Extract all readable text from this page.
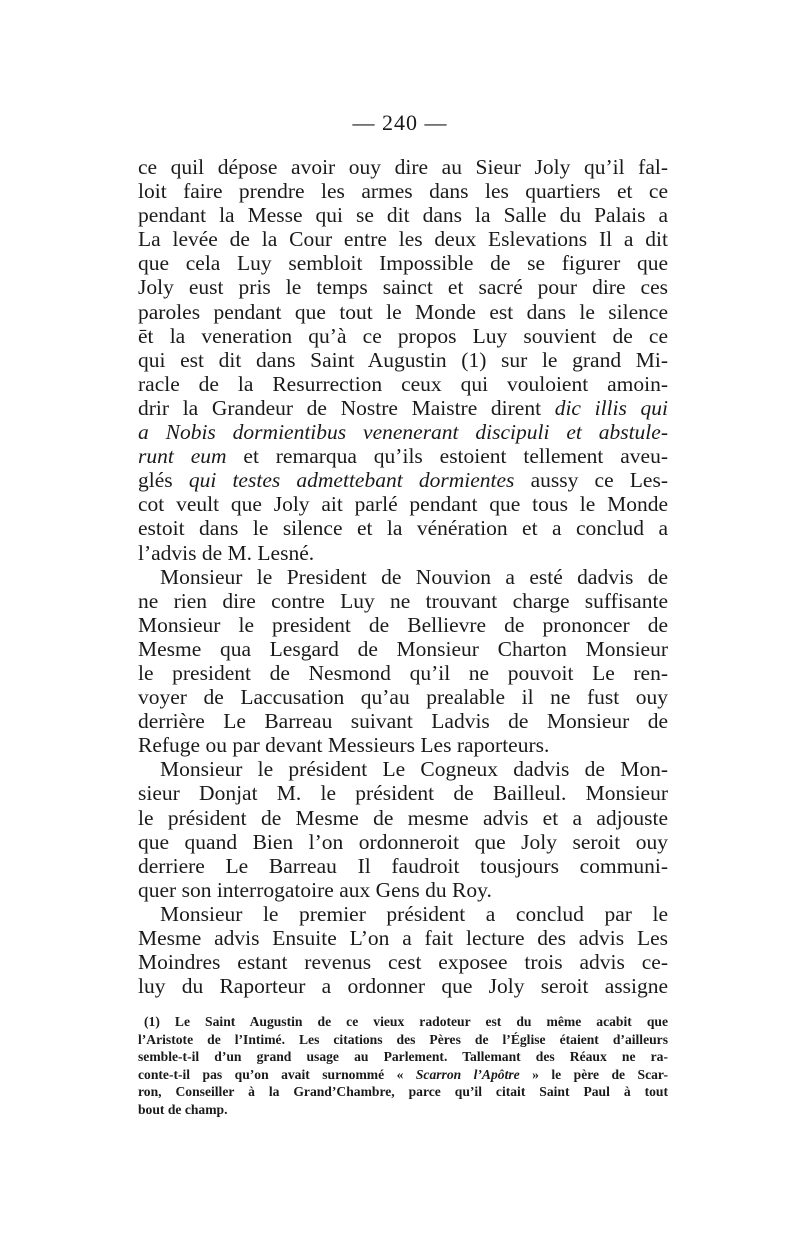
— 240 —
ce quil dépose avoir ouy dire au Sieur Joly qu’il fal-
loit faire prendre les armes dans les quartiers et ce
pendant la Messe qui se dit dans la Salle du Palais a
La levée de la Cour entre les deux Eslevations Il a dit
que cela Luy sembloit Impossible de se figurer que
Joly eust pris le temps sainct et sacré pour dire ces
paroles pendant que tout le Monde est dans le silence
ēt la veneration qu’à ce propos Luy souvient de ce
qui est dit dans Saint Augustin (1) sur le grand Mi-
racle de la Resurrection ceux qui vouloient amoin-
drir la Grandeur de Nostre Maistre dirent dic illis qui
a Nobis dormientibus venenerant discipuli et abstule-
runt eum et remarqua qu’ils estoient tellement aveu-
glés qui testes admettebant dormientes aussy ce Les-
cot veult que Joly ait parlé pendant que tous le Monde
estoit dans le silence et la vénération et a conclud a
l’advis de M. Lesné.
Monsieur le President de Nouvion a esté dadvis de
ne rien dire contre Luy ne trouvant charge suffisante
Monsieur le president de Bellievre de prononcer de
Mesme qua Lesgard de Monsieur Charton Monsieur
le president de Nesmond qu’il ne pouvoit Le ren-
voyer de Laccusation qu’au prealable il ne fust ouy
derrière Le Barreau suivant Ladvis de Monsieur de
Refuge ou par devant Messieurs Les raporteurs.
Monsieur le président Le Cogneux dadvis de Mon-
sieur Donjat M. le président de Bailleul. Monsieur
le président de Mesme de mesme advis et a adjouste
que quand Bien l’on ordonneroit que Joly seroit ouy
derriere Le Barreau Il faudroit tousjours communi-
quer son interrogatoire aux Gens du Roy.
Monsieur le premier président a conclud par le
Mesme advis Ensuite L’on a fait lecture des advis Les
Moindres estant revenus cest exposee trois advis ce-
luy du Raporteur a ordonner que Joly seroit assigne
(1) Le Saint Augustin de ce vieux radoteur est du même acabit que
l’Aristote de l’Intimé. Les citations des Pères de l’Église étaient d’ailleurs
semble-t-il d’un grand usage au Parlement. Tallemant des Réaux ne ra-
conte-t-il pas qu’on avait surnommé « Scarron l’Apôtre » le père de Scar-
ron, Conseiller à la Grand’Chambre, parce qu’il citait Saint Paul à tout
bout de champ.
